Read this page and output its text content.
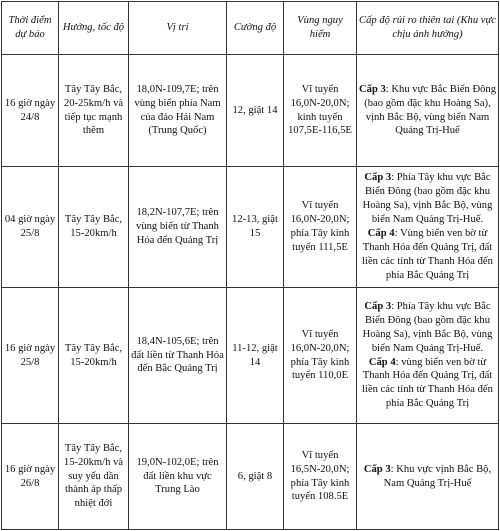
Thời điểm dự báo	Hướng, tốc độ	Vị trí	Cường độ	Vùng nguy hiểm	Cấp độ rủi ro thiên tai (Khu vực chịu ảnh hưởng)
16 giờ ngày 24/8	Tây Tây Bắc, 20-25km/h và tiếp tục mạnh thêm	18,0N-109,7E; trên vùng biển phía Nam của đảo Hải Nam (Trung Quốc)	12, giật 14	Vĩ tuyến 16,0N-20,0N; kinh tuyến 107,5E-116,5E	Cấp 3: Khu vực Bắc Biển Đông (bao gồm đặc khu Hoàng Sa), vịnh Bắc Bộ, vùng biển Nam Quảng Trị-Huế

04 giờ ngày 25/8	Tây Tây Bắc, 15-20km/h	18,2N-107,7E; trên vùng biển từ Thanh Hóa đến Quảng Trị	12-13, giật 15	Vĩ tuyến 16,0N-20,0N; phía Tây kinh tuyến 111,5E	Cấp 3: Phía Tây khu vực Bắc Biển Đông (bao gồm đặc khu Hoàng Sa), vịnh Bắc Bộ, vùng biển Nam Quảng Trị-Huế.
Cấp 4: Vùng biển ven bờ từ Thanh Hóa đến Quảng Trị, đất liền các tỉnh từ Thanh Hóa đến phía Bắc Quảng Trị

16 giờ ngày 25/8	Tây Tây Bắc, 15-20km/h	18,4N-105,6E; trên đất liền từ Thanh Hóa đến Bắc Quảng Trị	11-12, giật 14	Vĩ tuyến 16,0N-20,0N; phía Tây kinh tuyến 110,0E	Cấp 3: Phía Tây khu vực Bắc Biển Đông (bao gồm đặc khu Hoàng Sa), vịnh Bắc Bộ, vùng biển Nam Quảng Trị-Huế.
Cấp 4: vùng biển ven bờ từ Thanh Hóa đến Quảng Trị, đất liền các tỉnh từ Thanh Hóa đến phía Bắc Quảng Trị

16 giờ ngày 26/8	Tây Tây Bắc, 15-20km/h và suy yếu dần thành áp thấp nhiệt đới	19,0N-102,0E; trên đất liền khu vực Trung Lào	6, giật 8	Vĩ tuyến 16,5N-20,0N; phía Tây kinh tuyến 108.5E	Cấp 3: Khu vực vịnh Bắc Bộ, Nam Quảng Trị-Huế
